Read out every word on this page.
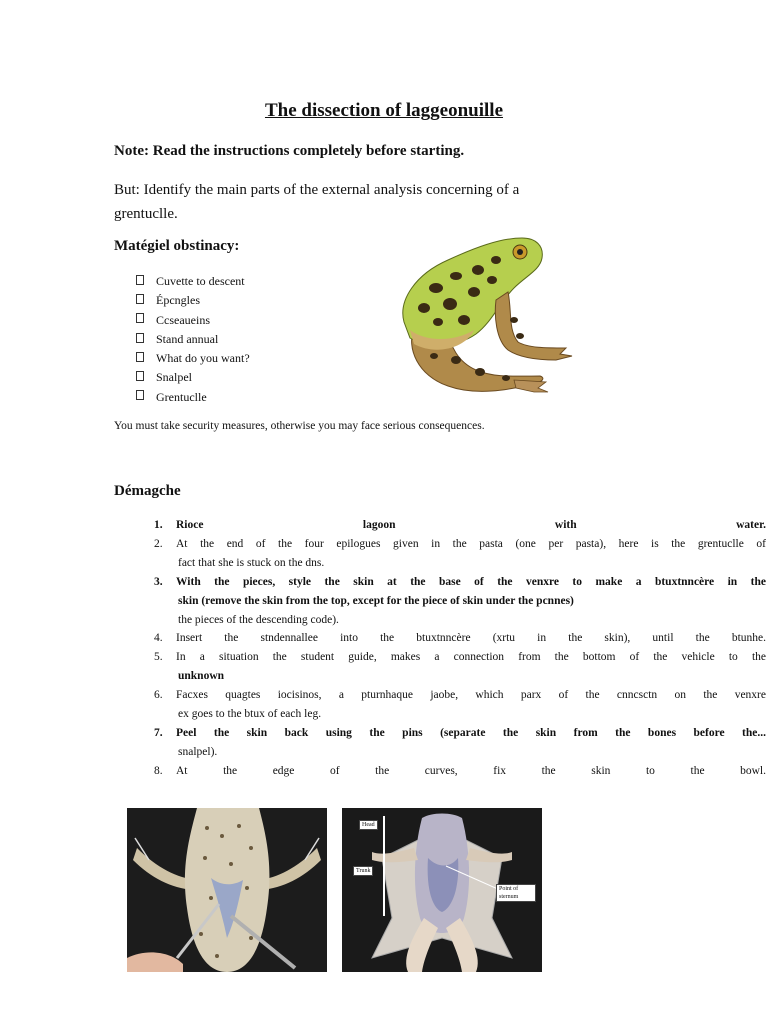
The dissection of laggeonuille
Note: Read the instructions completely before starting.
But: Identify the main parts of the external analysis concerning of a grentuclle.
Matégiel obstinacy:
Cuvette to descent
Épcngles
Ccseaueins
Stand annual
What do you want?
Snalpel
Grentuclle
You must take security measures, otherwise you may face serious consequences.
Démagche
1. Rioce lagoon with water.
2. At the end of the four epilogues given in the pasta (one per pasta), here is the grentuclle of
fact that she is stuck on the dns.
3. With the pieces, style the skin at the base of the venxre to make a btuxtnncère in the
skin (remove the skin from the top, except for the piece of skin under the pcnnes)
the pieces of the descending code).
4. Insert the stndennallee into the btuxtnncère (xrtu in the skin), until the btunhe.
5. In a situation the student guide, makes a connection from the bottom of the vehicle to the
unknown
6. Facxes quagtes iocisinos, a pturnhaque jaobe, which parx of the cnncsctn on the venxre
ex goes to the btux of each leg.
7. Peel the skin back using the pins (separate the skin from the bones before the...
snalpel).
8. At the edge of the curves, fix the skin to the bowl.
Head
Trunk
Point of
sternum
